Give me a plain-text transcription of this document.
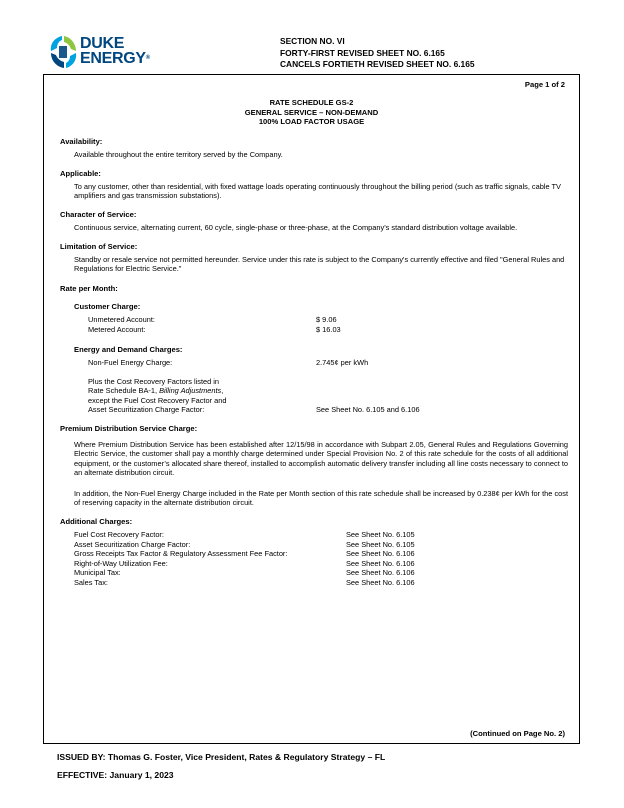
DUKE
ENERGY®
SECTION NO. VI
FORTY-FIRST REVISED SHEET NO. 6.165
CANCELS FORTIETH REVISED SHEET NO. 6.165
Page 1 of 2
RATE SCHEDULE GS-2
GENERAL SERVICE – NON-DEMAND
100% LOAD FACTOR USAGE
Availability:
Available throughout the entire territory served by the Company.
Applicable:
To any customer, other than residential, with fixed wattage loads operating continuously throughout the billing period (such as traffic signals, cable TV amplifiers and gas transmission substations).
Character of Service:
Continuous service, alternating current, 60 cycle, single-phase or three-phase, at the Company’s standard distribution voltage available.
Limitation of Service:
Standby or resale service not permitted hereunder. Service under this rate is subject to the Company's currently effective and filed "General Rules and Regulations for Electric Service."
Rate per Month:
Customer Charge:
Unmetered Account:	$ 9.06
Metered Account:	$ 16.03
Energy and Demand Charges:
Non-Fuel Energy Charge:	2.745¢ per kWh
Plus the Cost Recovery Factors listed in
Rate Schedule BA-1, Billing Adjustments,
except the Fuel Cost Recovery Factor and
Asset Securitization Charge Factor:	See Sheet No. 6.105 and 6.106
Premium Distribution Service Charge:
Where Premium Distribution Service has been established after 12/15/98 in accordance with Subpart 2.05, General Rules and Regulations Governing Electric Service, the customer shall pay a monthly charge determined under Special Provision No. 2 of this rate schedule for the costs of all additional equipment, or the customer’s allocated share thereof, installed to accomplish automatic delivery transfer including all line costs necessary to connect to an alternate distribution circuit.
In addition, the Non-Fuel Energy Charge included in the Rate per Month section of this rate schedule shall be increased by 0.238¢ per kWh for the cost of reserving capacity in the alternate distribution circuit.
Additional Charges:
Fuel Cost Recovery Factor:	See Sheet No. 6.105
Asset Securitization Charge Factor:	See Sheet No. 6.105
Gross Receipts Tax Factor & Regulatory Assessment Fee Factor:	See Sheet No. 6.106
Right-of-Way Utilization Fee:	See Sheet No. 6.106
Municipal Tax:	See Sheet No. 6.106
Sales Tax:	See Sheet No. 6.106
(Continued on Page No. 2)
ISSUED BY: Thomas G. Foster, Vice President, Rates & Regulatory Strategy – FL
EFFECTIVE: January 1, 2023
